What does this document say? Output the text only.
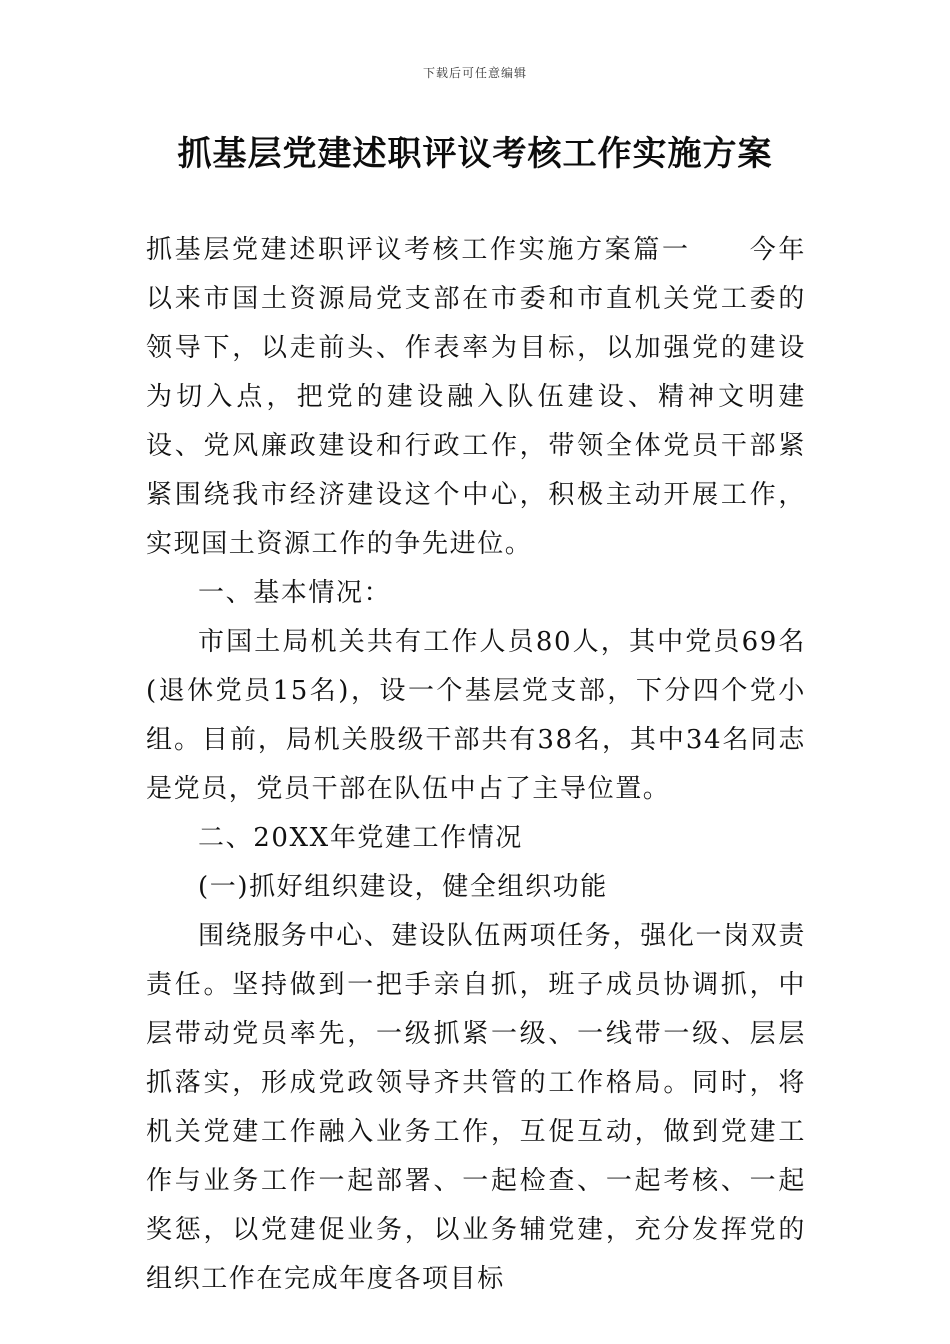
下载后可任意编辑
抓基层党建述职评议考核工作实施方案

抓基层党建述职评议考核工作实施方案篇一 今年以来市国土资源局党支部在市委和市直机关党工委的领导下，以走前头、作表率为目标，以加强党的建设为切入点，把党的建设融入队伍建设、精神文明建设、党风廉政建设和行政工作，带领全体党员干部紧紧围绕我市经济建设这个中心，积极主动开展工作，实现国土资源工作的争先进位。

一、基本情况：

市国土局机关共有工作人员80人，其中党员69名(退休党员15名)，设一个基层党支部，下分四个党小组。目前，局机关股级干部共有38名，其中34名同志是党员，党员干部在队伍中占了主导位置。

二、20XX年党建工作情况

(一)抓好组织建设，健全组织功能

围绕服务中心、建设队伍两项任务，强化一岗双责责任。坚持做到一把手亲自抓，班子成员协调抓，中层带动党员率先，一级抓紧一级、一线带一级、层层抓落实，形成党政领导齐共管的工作格局。同时，将机关党建工作融入业务工作，互促互动，做到党建工作与业务工作一起部署、一起检查、一起考核、一起奖惩，以党建促业务，以业务辅党建，充分发挥党的组织工作在完成年度各项目标
